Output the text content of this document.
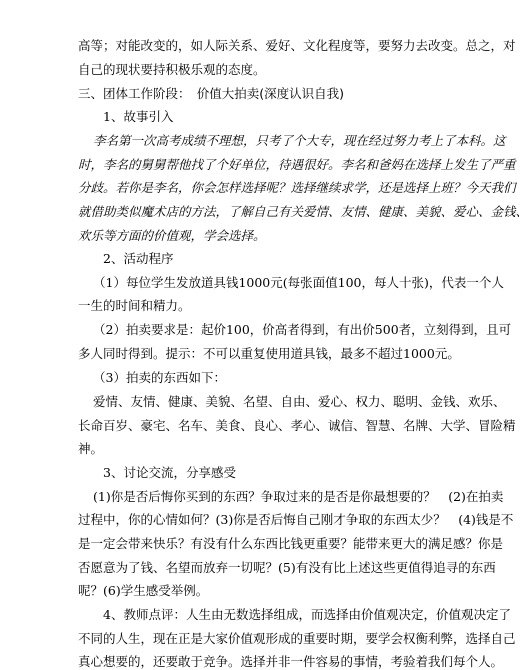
高等；对能改变的，如人际关系、爱好、文化程度等，要努力去改变。总之，对
自己的现状要持积极乐观的态度。
三、团体工作阶段：　价值大拍卖(深度认识自我)
1、故事引入
李名第一次高考成绩不理想，只考了个大专，现在经过努力考上了本科。这
时，李名的舅舅帮他找了个好单位，待遇很好。李名和爸妈在选择上发生了严重
分歧。若你是李名，你会怎样选择呢？选择继续求学，还是选择上班？今天我们
就借助类似魔术店的方法，了解自己有关爱情、友情、健康、美貌、爱心、金钱、
欢乐等方面的价值观，学会选择。
2、活动程序
（1）每位学生发放道具钱1000元(每张面值100，每人十张)，代表一个人
一生的时间和精力。
（2）拍卖要求是：起价100，价高者得到，有出价500者，立刻得到，且可
多人同时得到。提示：不可以重复使用道具钱，最多不超过1000元。
（3）拍卖的东西如下：
爱情、友情、健康、美貌、名望、自由、爱心、权力、聪明、金钱、欢乐、
长命百岁、豪宅、名车、美食、良心、孝心、诚信、智慧、名牌、大学、冒险精
神。
3、讨论交流，分享感受
(1)你是否后悔你买到的东西？争取过来的是否是你最想要的？　(2)在拍卖
过程中，你的心情如何？(3)你是否后悔自己刚才争取的东西太少？　(4)钱是不
是一定会带来快乐？有没有什么东西比钱更重要？能带来更大的满足感？你是
否愿意为了钱、名望而放弃一切呢？(5)有没有比上述这些更值得追寻的东西
呢？(6)学生感受举例。
4、教师点评：人生由无数选择组成，而选择由价值观决定，价值观决定了
不同的人生，现在正是大家价值观形成的重要时期，要学会权衡利弊，选择自己
真心想要的，还要敢于竞争。选择并非一件容易的事情，考验着我们每个人。
